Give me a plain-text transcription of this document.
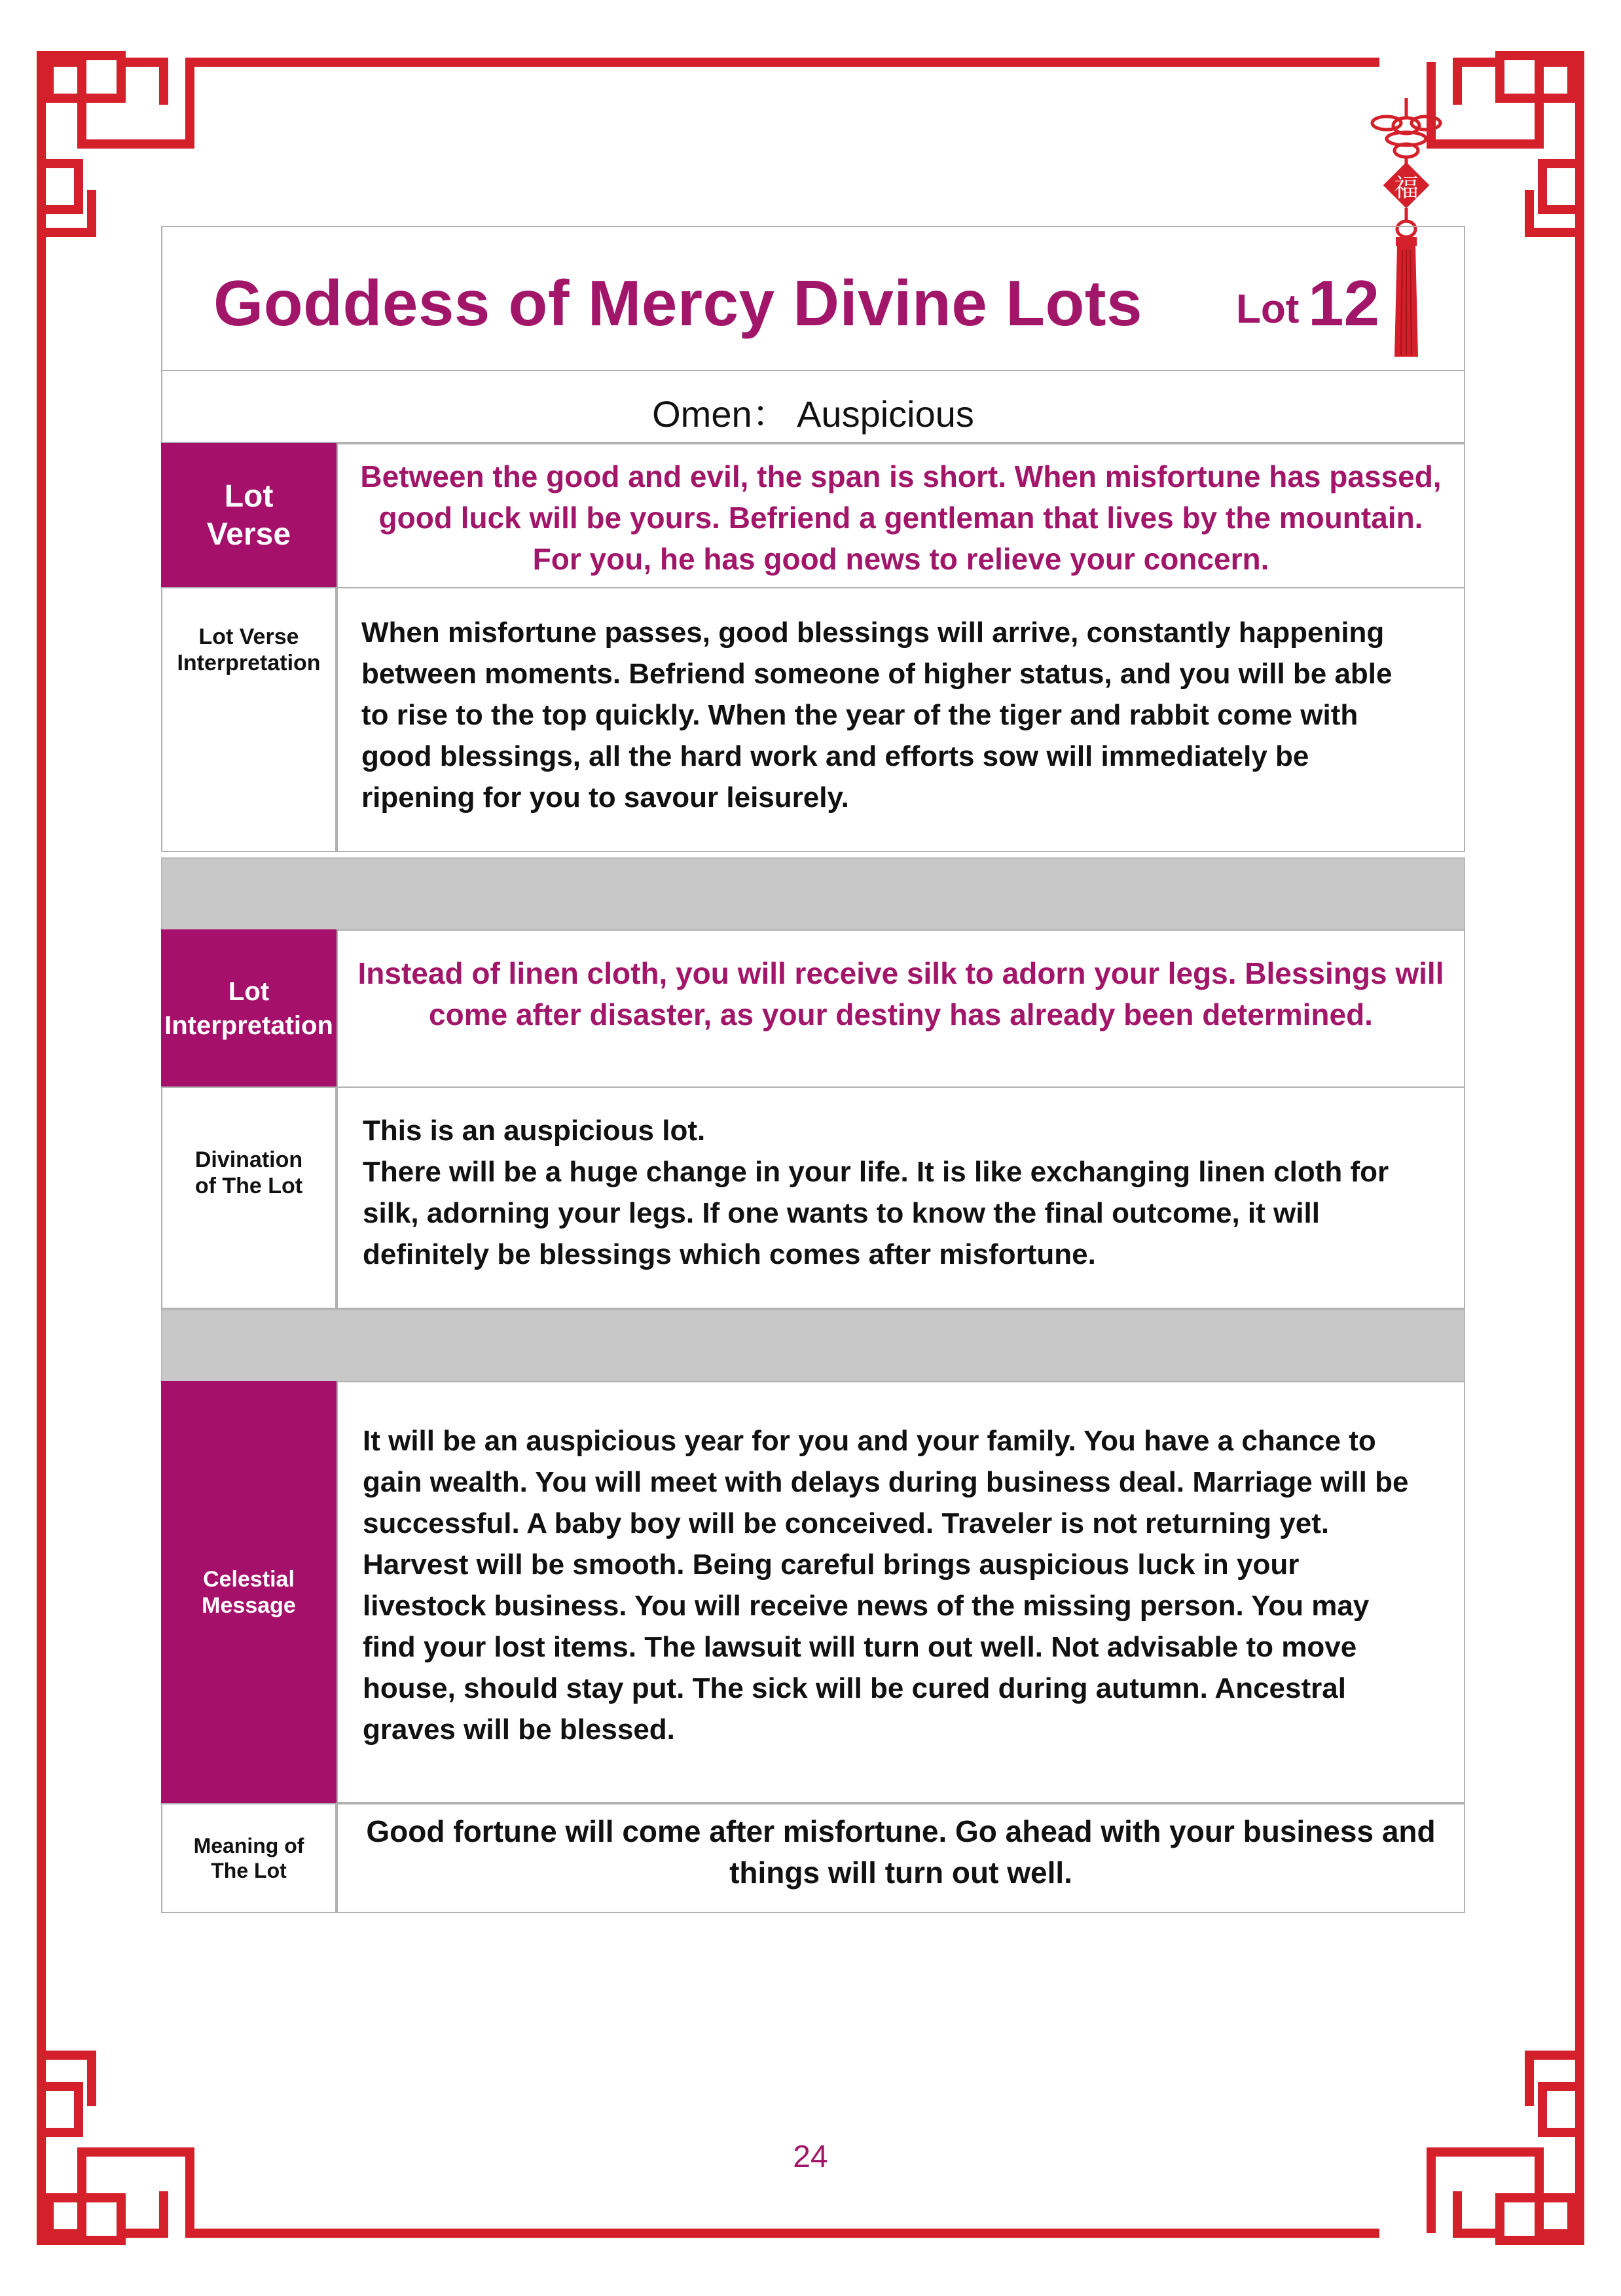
福
Goddess of Mercy Divine Lots Lot 12
Omen： Auspicious
Lot Verse
Between the good and evil, the span is short. When misfortune has passed, good luck will be yours. Befriend a gentleman that lives by the mountain. For you, he has good news to relieve your concern.
Lot Verse Interpretation
When misfortune passes, good blessings will arrive, constantly happening between moments. Befriend someone of higher status, and you will be able to rise to the top quickly. When the year of the tiger and rabbit come with good blessings, all the hard work and efforts sow will immediately be ripening for you to savour leisurely.
Lot Interpretation
Instead of linen cloth, you will receive silk to adorn your legs. Blessings will come after disaster, as your destiny has already been determined.
Divination of The Lot
This is an auspicious lot.
There will be a huge change in your life. It is like exchanging linen cloth for silk, adorning your legs. If one wants to know the final outcome, it will definitely be blessings which comes after misfortune.
Celestial Message
It will be an auspicious year for you and your family. You have a chance to gain wealth. You will meet with delays during business deal. Marriage will be successful. A baby boy will be conceived. Traveler is not returning yet. Harvest will be smooth. Being careful brings auspicious luck in your livestock business. You will receive news of the missing person. You may find your lost items. The lawsuit will turn out well. Not advisable to move house, should stay put. The sick will be cured during autumn. Ancestral graves will be blessed.
Meaning of The Lot
Good fortune will come after misfortune. Go ahead with your business and things will turn out well.
24
